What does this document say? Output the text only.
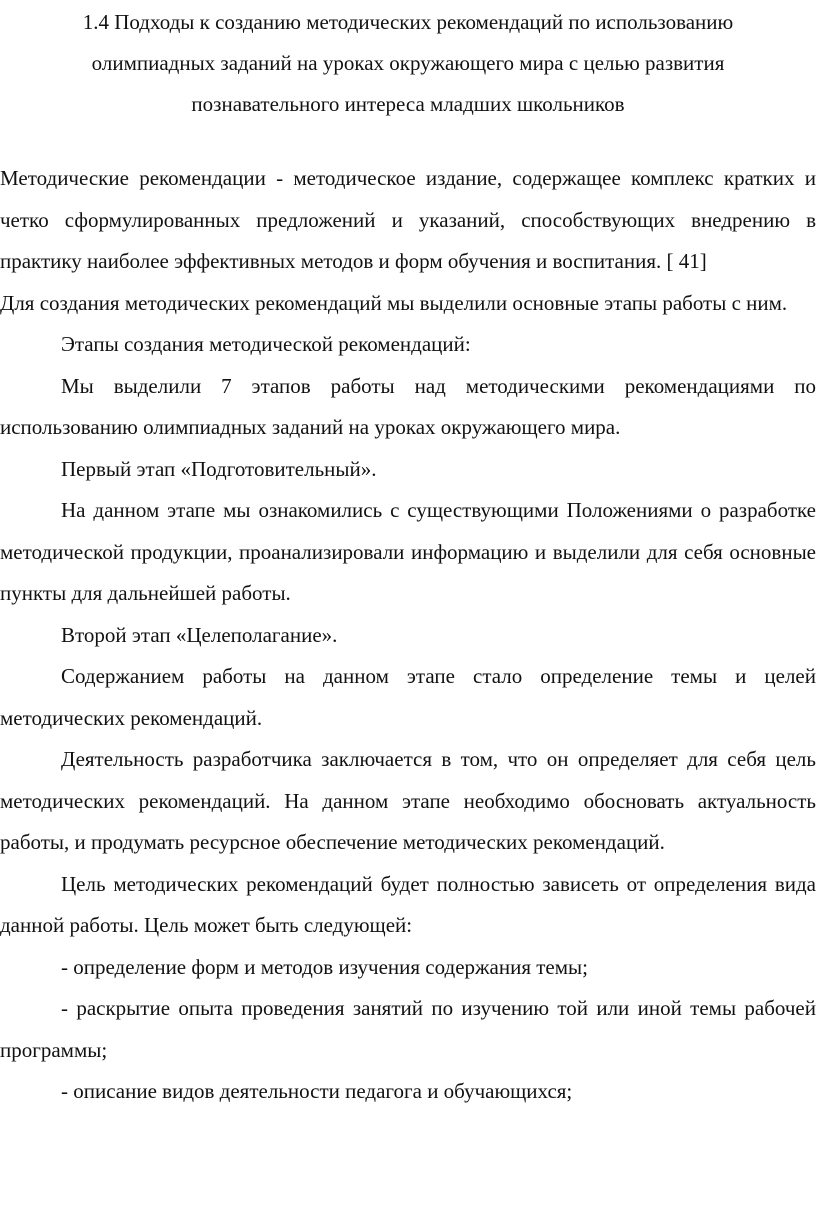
1.4 Подходы к созданию методических рекомендаций по использованию
олимпиадных заданий на уроках окружающего мира с целью развития
познавательного интереса младших школьников

Методические рекомендации - методическое издание, содержащее комплекс кратких и четко сформулированных предложений и указаний, способствующих внедрению в практику наиболее эффективных методов и форм обучения и воспитания. [ 41]

Для создания методических рекомендаций мы выделили основные этапы работы с ним.

Этапы создания методической рекомендаций:

Мы выделили 7 этапов работы над методическими рекомендациями по использованию олимпиадных заданий на уроках окружающего мира.

Первый этап «Подготовительный».

На данном этапе мы ознакомились с существующими Положениями о разработке методической продукции, проанализировали информацию и выделили для себя основные пункты для дальнейшей работы.

Второй этап «Целеполагание».

Содержанием работы на данном этапе стало определение темы и целей методических рекомендаций.

Деятельность разработчика заключается в том, что он определяет для себя цель методических рекомендаций. На данном этапе необходимо обосновать актуальность работы, и продумать ресурсное обеспечение методических рекомендаций.

Цель методических рекомендаций будет полностью зависеть от определения вида данной работы. Цель может быть следующей:

- определение форм и методов изучения содержания темы;

- раскрытие опыта проведения занятий по изучению той или иной темы рабочей программы;

- описание видов деятельности педагога и обучающихся;
